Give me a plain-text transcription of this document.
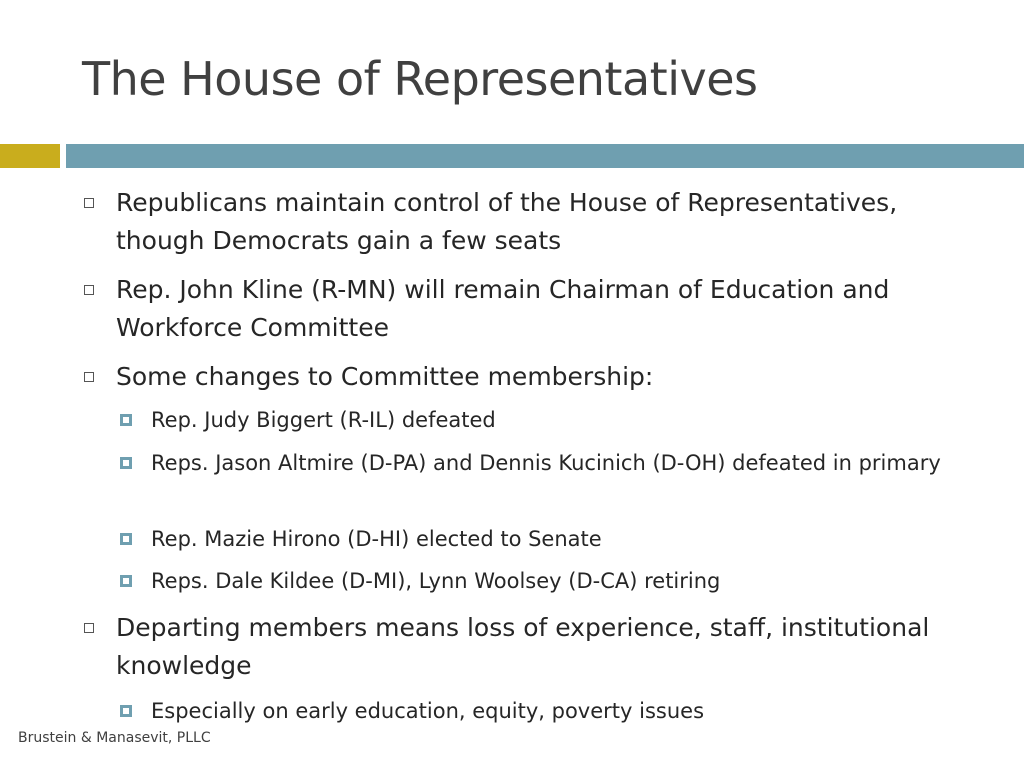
The House of Representatives
Republicans maintain control of the House of Representatives, though Democrats gain a few seats
Rep. John Kline (R-MN) will remain Chairman of Education and Workforce Committee
Some changes to Committee membership:
Rep. Judy Biggert (R-IL) defeated
Reps. Jason Altmire (D-PA) and Dennis Kucinich (D-OH) defeated in primary
Rep. Mazie Hirono (D-HI) elected to Senate
Reps. Dale Kildee (D-MI), Lynn Woolsey (D-CA) retiring
Departing members means loss of experience, staff, institutional knowledge
Especially on early education, equity, poverty issues
Brustein & Manasevit, PLLC
